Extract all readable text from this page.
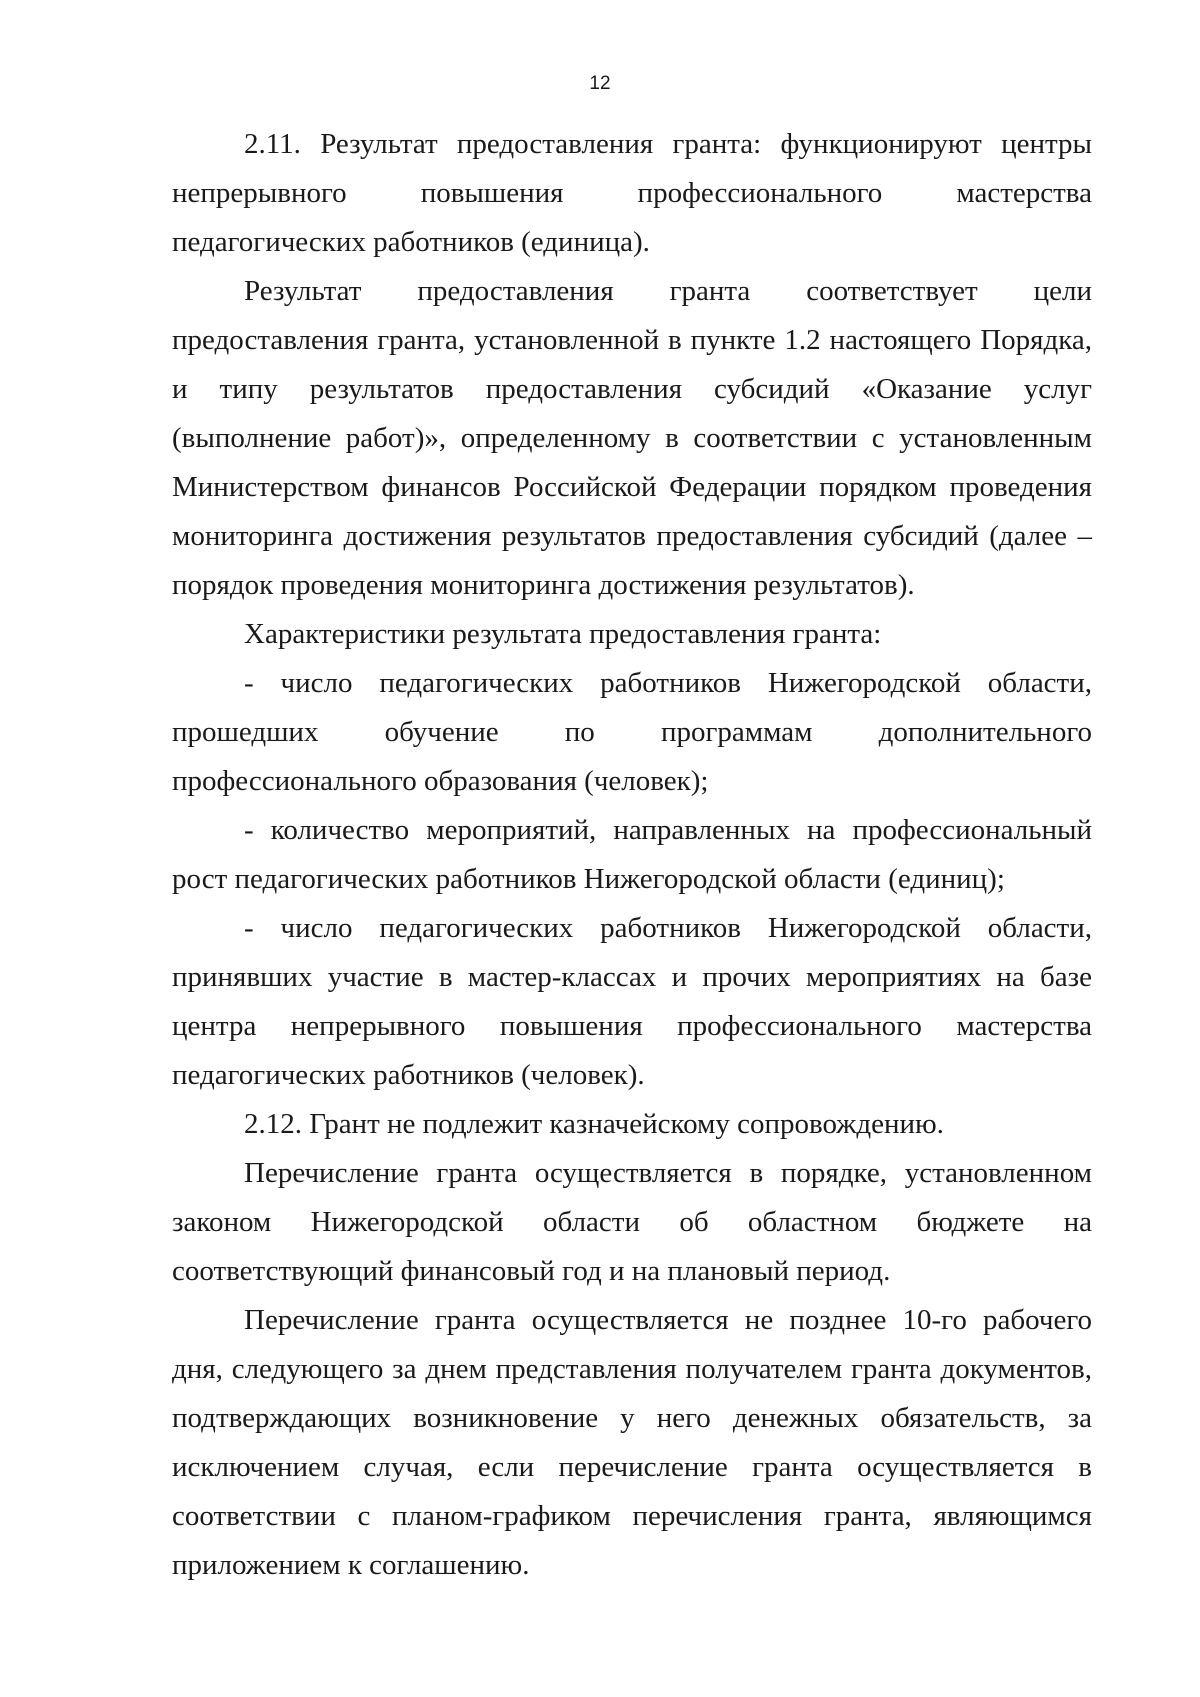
12

2.11. Результат предоставления гранта: функционируют центры непрерывного повышения профессионального мастерства педагогических работников (единица).

Результат предоставления гранта соответствует цели предоставления гранта, установленной в пункте 1.2 настоящего Порядка, и типу результатов предоставления субсидий «Оказание услуг (выполнение работ)», определенному в соответствии с установленным Министерством финансов Российской Федерации порядком проведения мониторинга достижения результатов предоставления субсидий (далее – порядок проведения мониторинга достижения результатов).

Характеристики результата предоставления гранта:

- число педагогических работников Нижегородской области, прошедших обучение по программам дополнительного профессионального образования (человек);

- количество мероприятий, направленных на профессиональный рост педагогических работников Нижегородской области (единиц);

- число педагогических работников Нижегородской области, принявших участие в мастер-классах и прочих мероприятиях на базе центра непрерывного повышения профессионального мастерства педагогических работников (человек).

2.12. Грант не подлежит казначейскому сопровождению.

Перечисление гранта осуществляется в порядке, установленном законом Нижегородской области об областном бюджете на соответствующий финансовый год и на плановый период.

Перечисление гранта осуществляется не позднее 10-го рабочего дня, следующего за днем представления получателем гранта документов, подтверждающих возникновение у него денежных обязательств, за исключением случая, если перечисление гранта осуществляется в соответствии с планом-графиком перечисления гранта, являющимся приложением к соглашению.
